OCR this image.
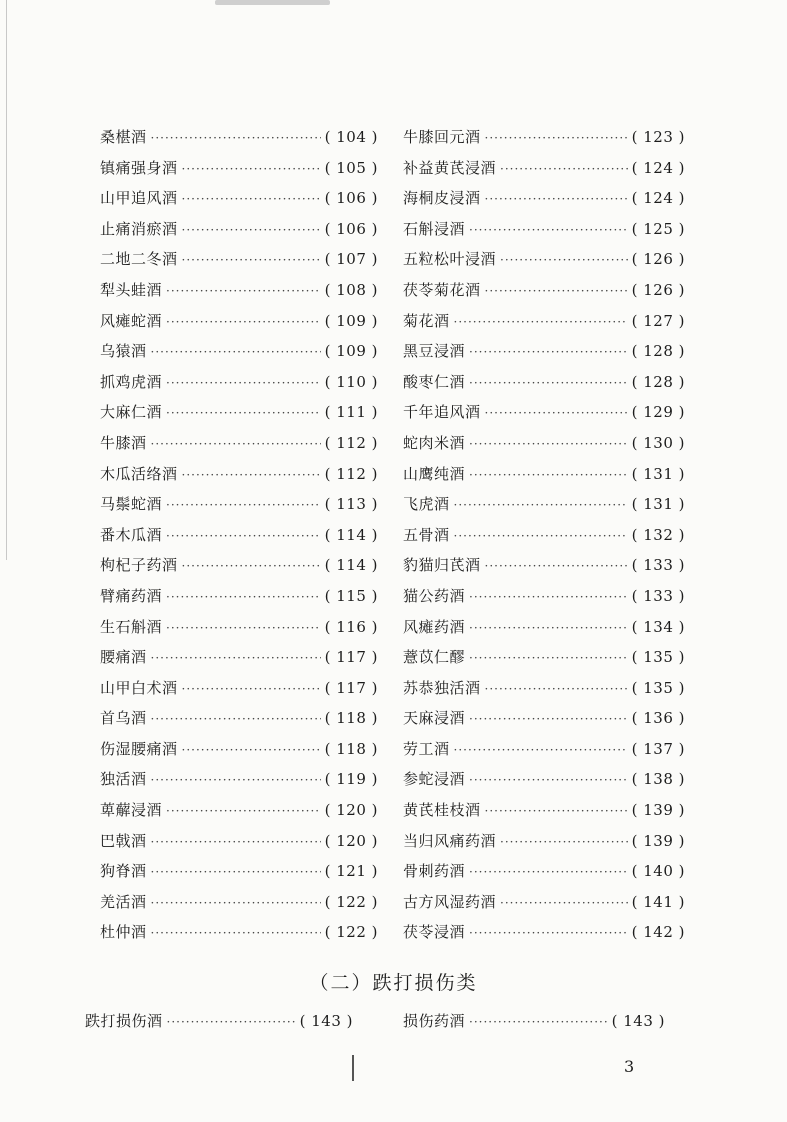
桑椹酒 ·····	( 104 )
镇痛强身酒 ·····	( 105 )
山甲追风酒 ·····	( 106 )
止痛消瘀酒 ·····	( 106 )
二地二冬酒 ·····	( 107 )
犁头蛙酒 ·····	( 108 )
风瘫蛇酒 ·····	( 109 )
乌猿酒 ·····	( 109 )
抓鸡虎酒 ·····	( 110 )
大麻仁酒 ·····	( 111 )
牛膝酒 ·····	( 112 )
木瓜活络酒 ·····	( 112 )
马鬃蛇酒 ·····	( 113 )
番木瓜酒 ·····	( 114 )
枸杞子药酒 ·····	( 114 )
臂痛药酒 ·····	( 115 )
生石斛酒 ·····	( 116 )
腰痛酒 ·····	( 117 )
山甲白术酒 ·····	( 117 )
首乌酒 ·····	( 118 )
伤湿腰痛酒 ·····	( 118 )
独活酒 ·····	( 119 )
萆薢浸酒 ·····	( 120 )
巴戟酒 ·····	( 120 )
狗脊酒 ·····	( 121 )
羌活酒 ·····	( 122 )
杜仲酒 ·····	( 122 )
牛膝回元酒 ·····	( 123 )
补益黄芪浸酒 ·····	( 124 )
海桐皮浸酒 ·····	( 124 )
石斛浸酒 ·····	( 125 )
五粒松叶浸酒 ·····	( 126 )
茯苓菊花酒 ·····	( 126 )
菊花酒 ·····	( 127 )
黑豆浸酒 ·····	( 128 )
酸枣仁酒 ·····	( 128 )
千年追风酒 ·····	( 129 )
蛇肉米酒 ·····	( 130 )
山鹰纯酒 ·····	( 131 )
飞虎酒 ·····	( 131 )
五骨酒 ·····	( 132 )
豹猫归芪酒 ·····	( 133 )
猫公药酒 ·····	( 133 )
风瘫药酒 ·····	( 134 )
薏苡仁醪 ·····	( 135 )
苏恭独活酒 ·····	( 135 )
天麻浸酒 ·····	( 136 )
劳工酒 ·····	( 137 )
参蛇浸酒 ·····	( 138 )
黄芪桂枝酒 ·····	( 139 )
当归风痛药酒 ·····	( 139 )
骨刺药酒 ·····	( 140 )
古方风湿药酒 ·····	( 141 )
茯苓浸酒 ·····	( 142 )
（二）跌打损伤类
跌打损伤酒 ·····	( 143 )	损伤药酒 ·····	( 143 )
3
